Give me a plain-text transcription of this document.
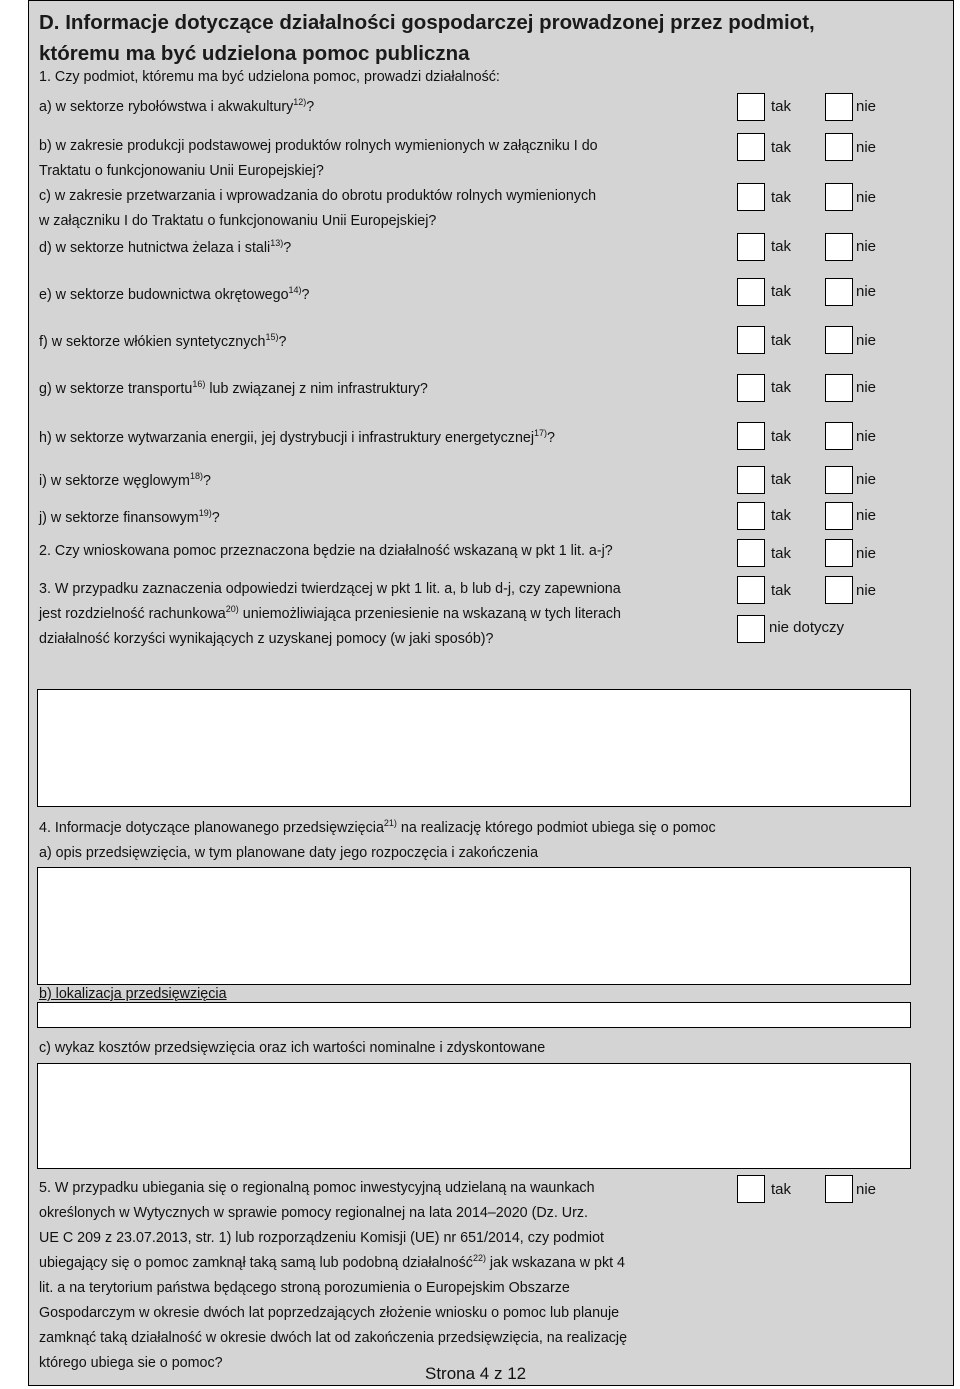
D. Informacje dotyczące działalności gospodarczej prowadzonej przez podmiot,
któremu ma być udzielona pomoc publiczna
1. Czy podmiot, któremu ma być udzielona pomoc, prowadzi działalność:
a) w sektorze rybołówstwa i akwakultury$^{12)}$?	tak	nie
b) w zakresie produkcji podstawowej produktów rolnych wymienionych w załączniku I do
Traktatu o funkcjonowaniu Unii Europejskiej?
tak	nie
c) w zakresie przetwarzania i wprowadzania do obrotu produktów rolnych wymienionych
w załączniku I do Traktatu o funkcjonowaniu Unii Europejskiej?
tak	nie
d) w sektorze hutnictwa żelaza i stali$^{13)}$?	tak	nie
e) w sektorze budownictwa okrętowego$^{14)}$?	tak	nie
f) w sektorze włókien syntetycznych$^{15)}$?	tak	nie
g) w sektorze transportu$^{16)}$ lub związanej z nim infrastruktury?	tak	nie
h) w sektorze wytwarzania energii, jej dystrybucji i infrastruktury energetycznej$^{17)}$?	tak	nie
i) w sektorze węglowym$^{18)}$?	tak	nie
j) w sektorze finansowym$^{19)}$?	tak	nie
2. Czy wnioskowana pomoc przeznaczona będzie na działalność wskazaną w pkt 1 lit. a-j?	tak	nie
3. W przypadku zaznaczenia odpowiedzi twierdzącej w pkt 1 lit. a, b lub d-j, czy zapewniona
jest rozdzielność rachunkowa$^{20)}$ uniemożliwiająca przeniesienie na wskazaną w tych literach
działalność korzyści wynikających z uzyskanej pomocy (w jaki sposób)?
tak	nie
nie dotyczy
4. Informacje dotyczące planowanego przedsięwzięcia$^{21)}$ na realizację którego podmiot ubiega się o pomoc
a) opis przedsięwzięcia, w tym planowane daty jego rozpoczęcia i zakończenia
b) lokalizacja przedsięwzięcia
c) wykaz kosztów przedsięwzięcia oraz ich wartości nominalne i zdyskontowane
5. W przypadku ubiegania się o regionalną pomoc inwestycyjną udzielaną na waunkach
określonych w Wytycznych w sprawie pomocy regionalnej na lata 2014–2020 (Dz. Urz.
UE C 209 z 23.07.2013, str. 1) lub rozporządzeniu Komisji (UE) nr 651/2014, czy podmiot
ubiegający się o pomoc zamknął taką samą lub podobną działalność$^{22)}$ jak wskazana w pkt 4
lit. a na terytorium państwa będącego stroną porozumienia o Europejskim Obszarze
Gospodarczym w okresie dwóch lat poprzedzających złożenie wniosku o pomoc lub planuje
zamknąć taką działalność w okresie dwóch lat od zakończenia przedsięwzięcia, na realizację
którego ubiega sie o pomoc?
tak	nie
Strona 4 z 12
